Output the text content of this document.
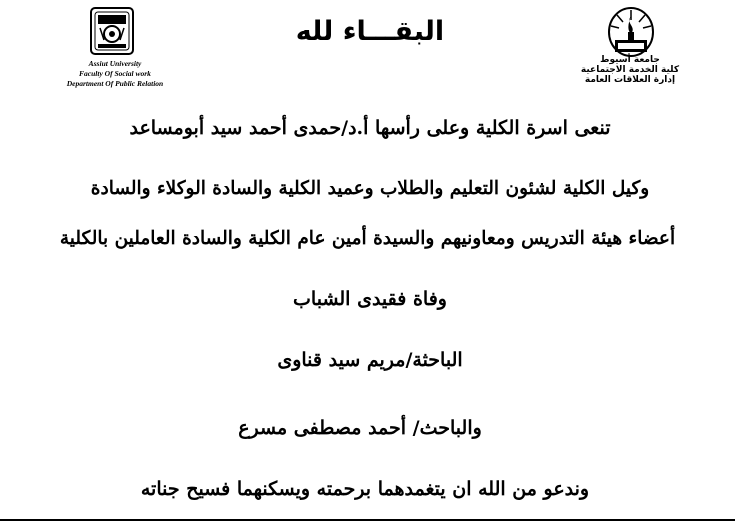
Assiut University
Faculty Of Social work
Department Of Public Relation
البقـــاء لله
جامعة أسيوط
كلية الخدمة الاجتماعية
إدارة العلاقات العامة
تنعى اسرة الكلية وعلى رأسها أ.د/حمدى أحمد سيد أبومساعد
وكيل الكلية لشئون التعليم والطلاب وعميد الكلية والسادة الوكلاء والسادة
أعضاء هيئة التدريس ومعاونيهم والسيدة أمين عام الكلية والسادة العاملين بالكلية
وفاة فقيدى الشباب
الباحثة/مريم سيد قناوى
والباحث/ أحمد مصطفى مسرع
وندعو من الله ان يتغمدهما برحمته ويسكنهما فسيح جناته
